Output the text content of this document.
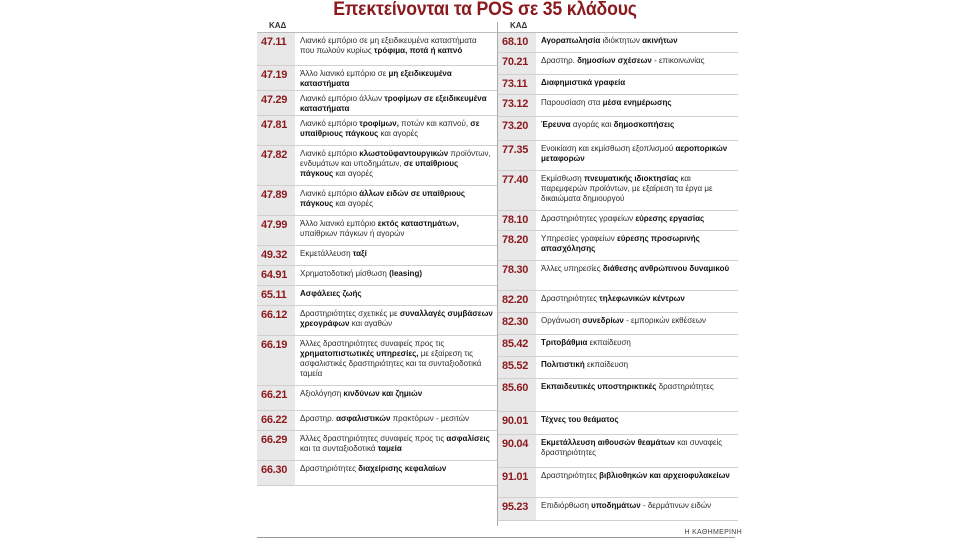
Επεκτείνονται τα POS σε 35 κλάδους
ΚΑΔ
47.11	Λιανικό εμπόριο σε μη εξειδικευμένα καταστήματα που πωλούν κυρίως τρόφιμα, ποτά ή καπνό
47.19	Άλλο λιανικό εμπόριο σε μη εξειδικευμένα καταστήματα
47.29	Λιανικό εμπόριο άλλων τροφίμων σε εξειδικευμένα καταστήματα
47.81	Λιανικό εμπόριο τροφίμων, ποτών και καπνού, σε υπαίθριους πάγκους και αγορές
47.82	Λιανικό εμπόριο κλωστοϋφαντουργικών προϊόντων, ενδυμάτων και υποδημάτων, σε υπαίθριους πάγκους και αγορές
47.89	Λιανικό εμπόριο άλλων ειδών σε υπαίθριους πάγκους και αγορές
47.99	Άλλο λιανικό εμπόριο εκτός καταστημάτων, υπαίθριων πάγκων ή αγορών
49.32	Εκμετάλλευση ταξί
64.91	Χρηματοδοτική μίσθωση (leasing)
65.11	Ασφάλειες ζωής
66.12	Δραστηριότητες σχετικές με συναλλαγές συμβάσεων χρεογράφων και αγαθών
66.19	Άλλες δραστηριότητες συναφείς προς τις χρηματοπιστωτικές υπηρεσίες, με εξαίρεση τις ασφαλιστικές δραστηριότητες και τα συνταξιοδοτικά ταμεία
66.21	Αξιολόγηση κινδύνων και ζημιών
66.22	Δραστηρ. ασφαλιστικών πρακτόρων - μεσιτών
66.29	Άλλες δραστηριότητες συναφείς προς τις ασφαλίσεις και τα συνταξιοδοτικά ταμεία
66.30	Δραστηριότητες διαχείρισης κεφαλαίων
ΚΑΔ
68.10	Αγοραπωλησία ιδιόκτητων ακινήτων
70.21	Δραστηρ. δημοσίων σχέσεων - επικοινωνίας
73.11	Διαφημιστικά γραφεία
73.12	Παρουσίαση στα μέσα ενημέρωσης
73.20	Έρευνα αγοράς και δημοσκοπήσεις
77.35	Ενοικίαση και εκμίσθωση εξοπλισμού αεροπορικών μεταφορών
77.40	Εκμίσθωση πνευματικής ιδιοκτησίας και παρεμφερών προϊόντων, με εξαίρεση τα έργα με δικαιώματα δημιουργού
78.10	Δραστηριότητες γραφείων εύρεσης εργασίας
78.20	Υπηρεσίες γραφείων εύρεσης προσωρινής απασχόλησης
78.30	Άλλες υπηρεσίες διάθεσης ανθρώπινου δυναμικού
82.20	Δραστηριότητες τηλεφωνικών κέντρων
82.30	Οργάνωση συνεδρίων - εμπορικών εκθέσεων
85.42	Τριτοβάθμια εκπαίδευση
85.52	Πολιτιστική εκπαίδευση
85.60	Εκπαιδευτικές υποστηρικτικές δραστηριότητες
90.01	Τέχνες του θεάματος
90.04	Εκμετάλλευση αιθουσών θεαμάτων και συναφείς δραστηριότητες
91.01	Δραστηριότητες βιβλιοθηκών και αρχειοφυλακείων
95.23	Επιδιόρθωση υποδημάτων - δερμάτινων ειδών
Η ΚΑΘΗΜΕΡΙΝΗ
